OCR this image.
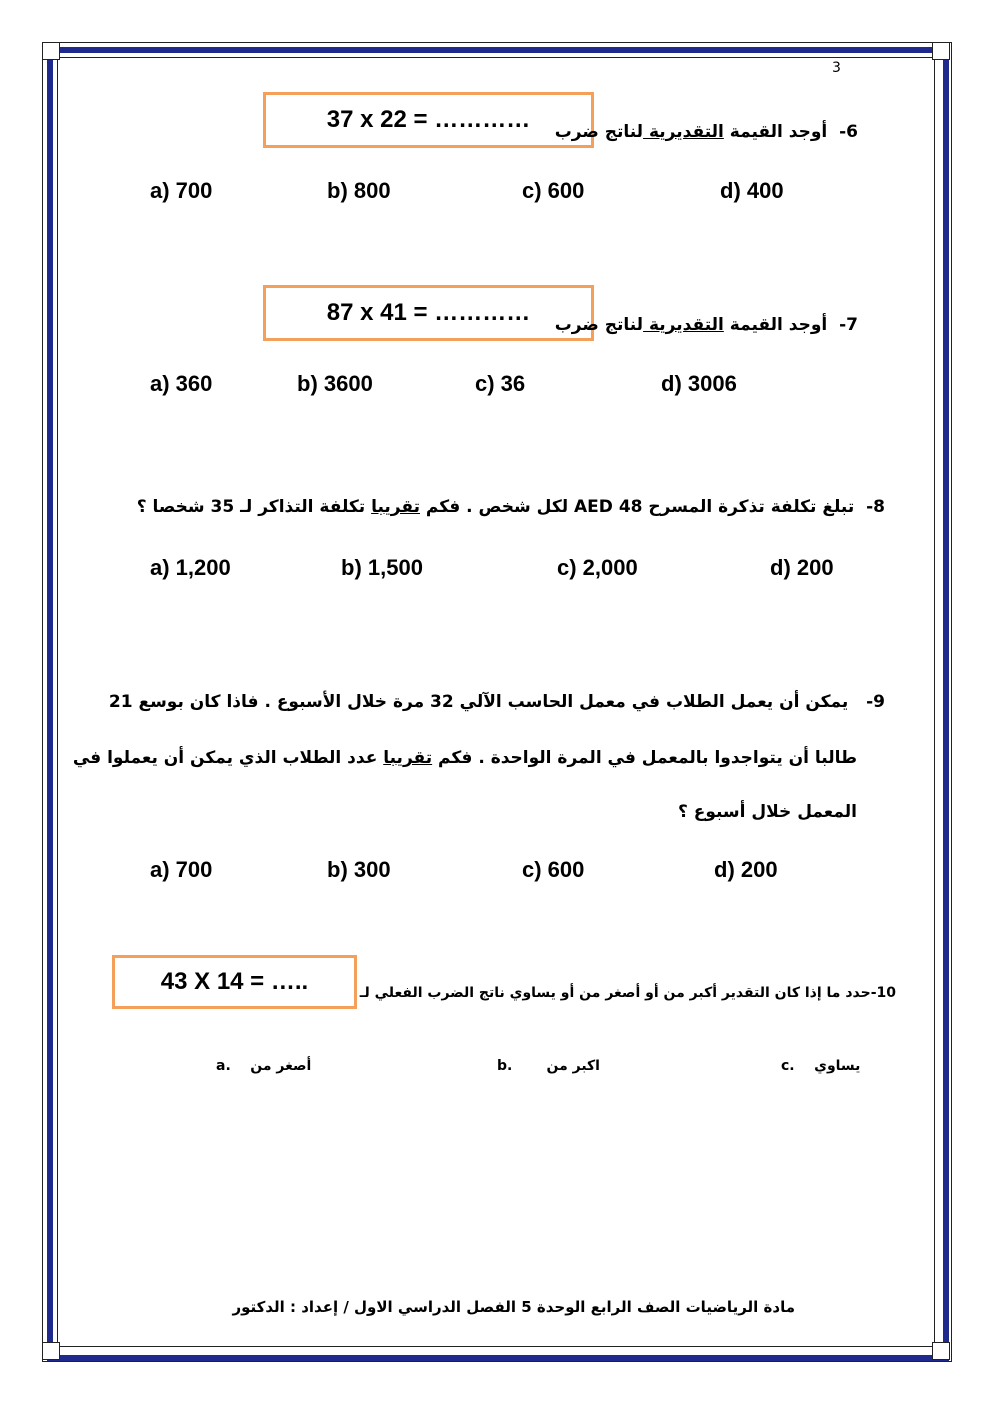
3
37 x 22 = …………	6-  أوجد القيمة التقديرية لناتج ضرب
a) 700	b) 800	c) 600	d) 400
87 x 41 = …………	7-  أوجد القيمة التقديرية لناتج ضرب
a) 360	b) 3600	c) 36	d) 3006
8-  تبلغ تكلفة تذكرة المسرح 48 AED لكل شخص . فكم تقريبا تكلفة التذاكر لـ 35 شخصا ؟
a) 1,200	b) 1,500	c) 2,000	d) 200
9-   يمكن أن يعمل الطلاب في معمل الحاسب الآلي 32 مرة خلال الأسبوع . فاذا كان بوسع 21
طالبا أن يتواجدوا بالمعمل في المرة الواحدة . فكم تقريبا عدد الطلاب الذي يمكن أن يعملوا في
المعمل خلال أسبوع ؟
a) 700	b) 300	c) 600	d) 200
43 X 14 = …..	10-حدد ما إذا كان التقدير أكبر من أو أصغر من أو يساوي ناتج الضرب الفعلي لـ
a. أصغر من	b. اكبر من	c. يساوي
مادة الرياضيات الصف الرابع الوحدة 5 الفصل الدراسي الاول / إعداد : الدكتور
